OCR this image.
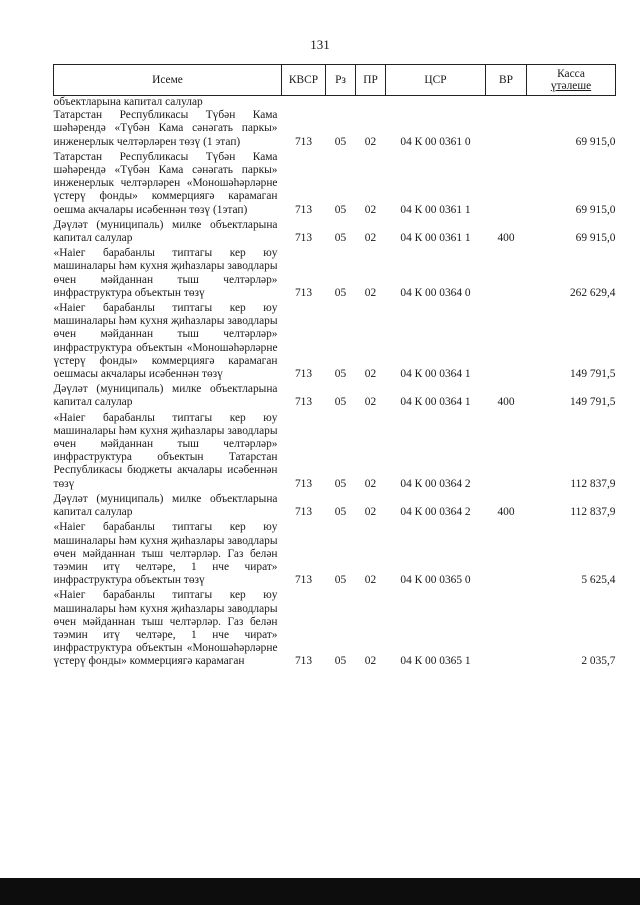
131
Исеме	КВСР	Рз	ПР	ЦСР	ВР	Касса
үтәлеше

объектларына капитал салулар						
Татарстан Республикасы Түбән Кама шәһәрендә «Түбән Кама сәнәгать паркы» инженерлык челтәрләрен төзү (1 этап)	713	05	02	04 К 00 0361 0		69 915,0
Татарстан Республикасы Түбән Кама шәһәрендә «Түбән Кама сәнәгать паркы» инженерлык челтәрләрен «Моношәһәрләрне үстерү фонды» коммерциягә карамаган оешма акчалары исәбеннән төзү (1этап)	713	05	02	04 К 00 0361 1		69 915,0
Дәүләт (муниципаль) милке объектларына капитал салулар	713	05	02	04 К 00 0361 1	400	69 915,0
«Наіег барабанлы типтагы кер юу машиналары һәм кухня җиһазлары заводлары өчен мәйданнан тыш челтәрләр» инфраструктура объектын төзү	713	05	02	04 К 00 0364 0		262 629,4
«Наіег барабанлы типтагы кер юу машиналары һәм кухня җиһазлары заводлары өчен мәйданнан тыш челтәрләр» инфраструктура объектын «Моношәһәрләрне үстерү фонды» коммерциягә карамаган оешмасы акчалары исәбеннән төзү	713	05	02	04 К 00 0364 1		149 791,5
Дәүләт (муниципаль) милке объектларына капитал салулар	713	05	02	04 К 00 0364 1	400	149 791,5
«Наіег барабанлы типтагы кер юу машиналары һәм кухня җиһазлары заводлары өчен мәйданнан тыш челтәрләр» инфраструктура объектын Татарстан Республикасы бюджеты акчалары исәбеннән төзү	713	05	02	04 К 00 0364 2		112 837,9
Дәүләт (муниципаль) милке объектларына капитал салулар	713	05	02	04 К 00 0364 2	400	112 837,9
«Наіег барабанлы типтагы кер юу машиналары һәм кухня җиһазлары заводлары өчен мәйданнан тыш челтәрләр. Газ белән тәэмин итү челтәре, 1 нче чират» инфраструктура объектын төзү	713	05	02	04 К 00 0365 0		5 625,4
«Наіег барабанлы типтагы кер юу машиналары һәм кухня җиһазлары заводлары өчен мәйданнан тыш челтәрләр. Газ белән тәэмин итү челтәре, 1 нче чират» инфраструктура объектын «Моношәһәрләрне үстерү фонды» коммерциягә карамаган	713	05	02	04 К 00 0365 1		2 035,7
